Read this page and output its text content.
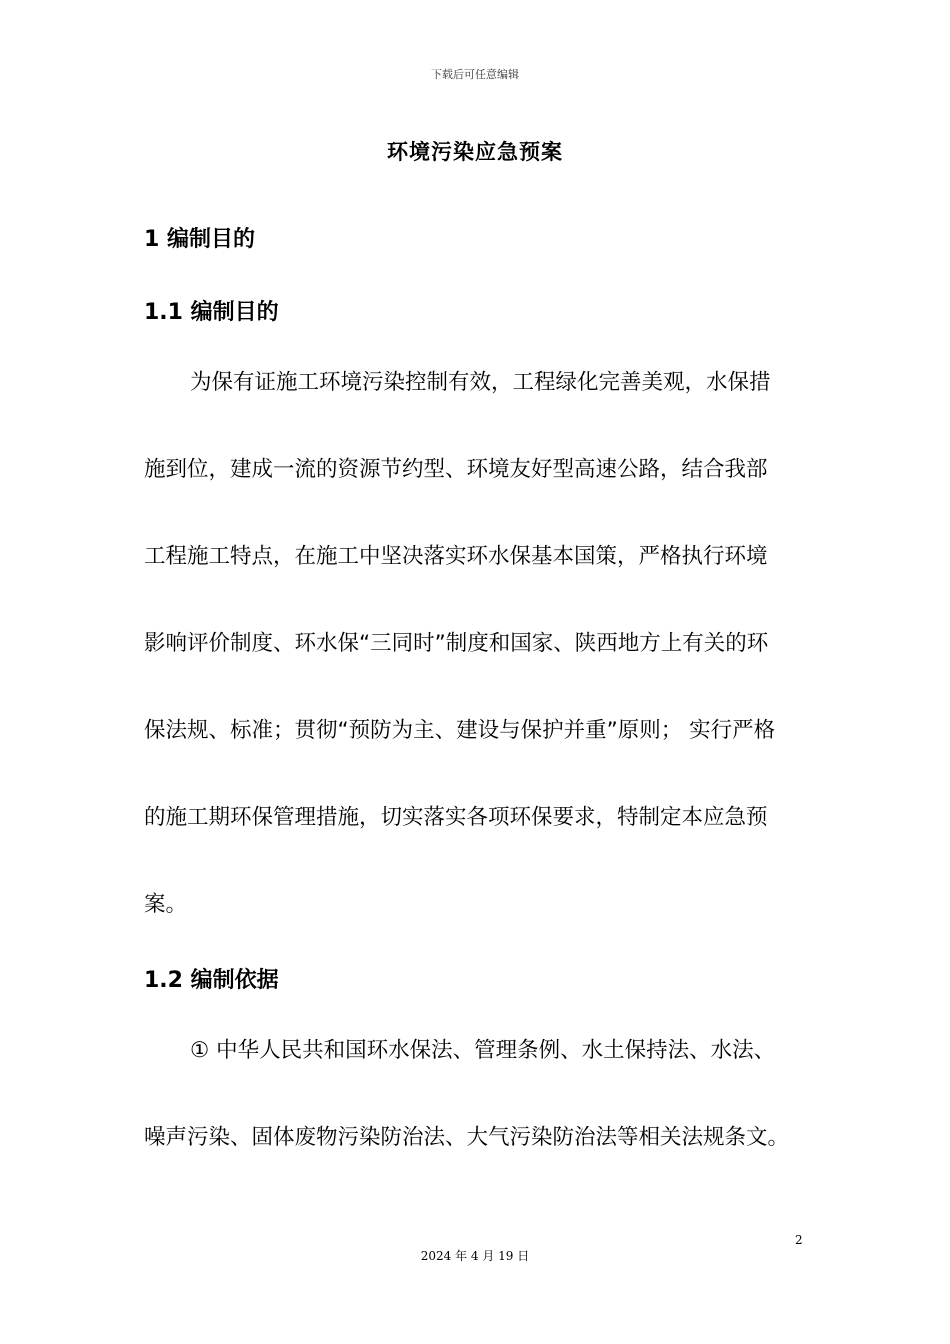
下载后可任意编辑
环境污染应急预案
1 编制目的
1.1 编制目的
为保有证施工环境污染控制有效，工程绿化完善美观，水保措
施到位，建成一流的资源节约型、环境友好型高速公路，结合我部
工程施工特点，在施工中坚决落实环水保基本国策，严格执行环境
影响评价制度、环水保“三同时”制度和国家、陕西地方上有关的环
保法规、标准；贯彻“预防为主、建设与保护并重”原则； 实行严格
的施工期环保管理措施，切实落实各项环保要求，特制定本应急预
案。
1.2 编制依据
① 中华人民共和国环水保法、管理条例、水土保持法、水法、
噪声污染、固体废物污染防治法、大气污染防治法等相关法规条文。
2
2024 年 4 月 19 日
